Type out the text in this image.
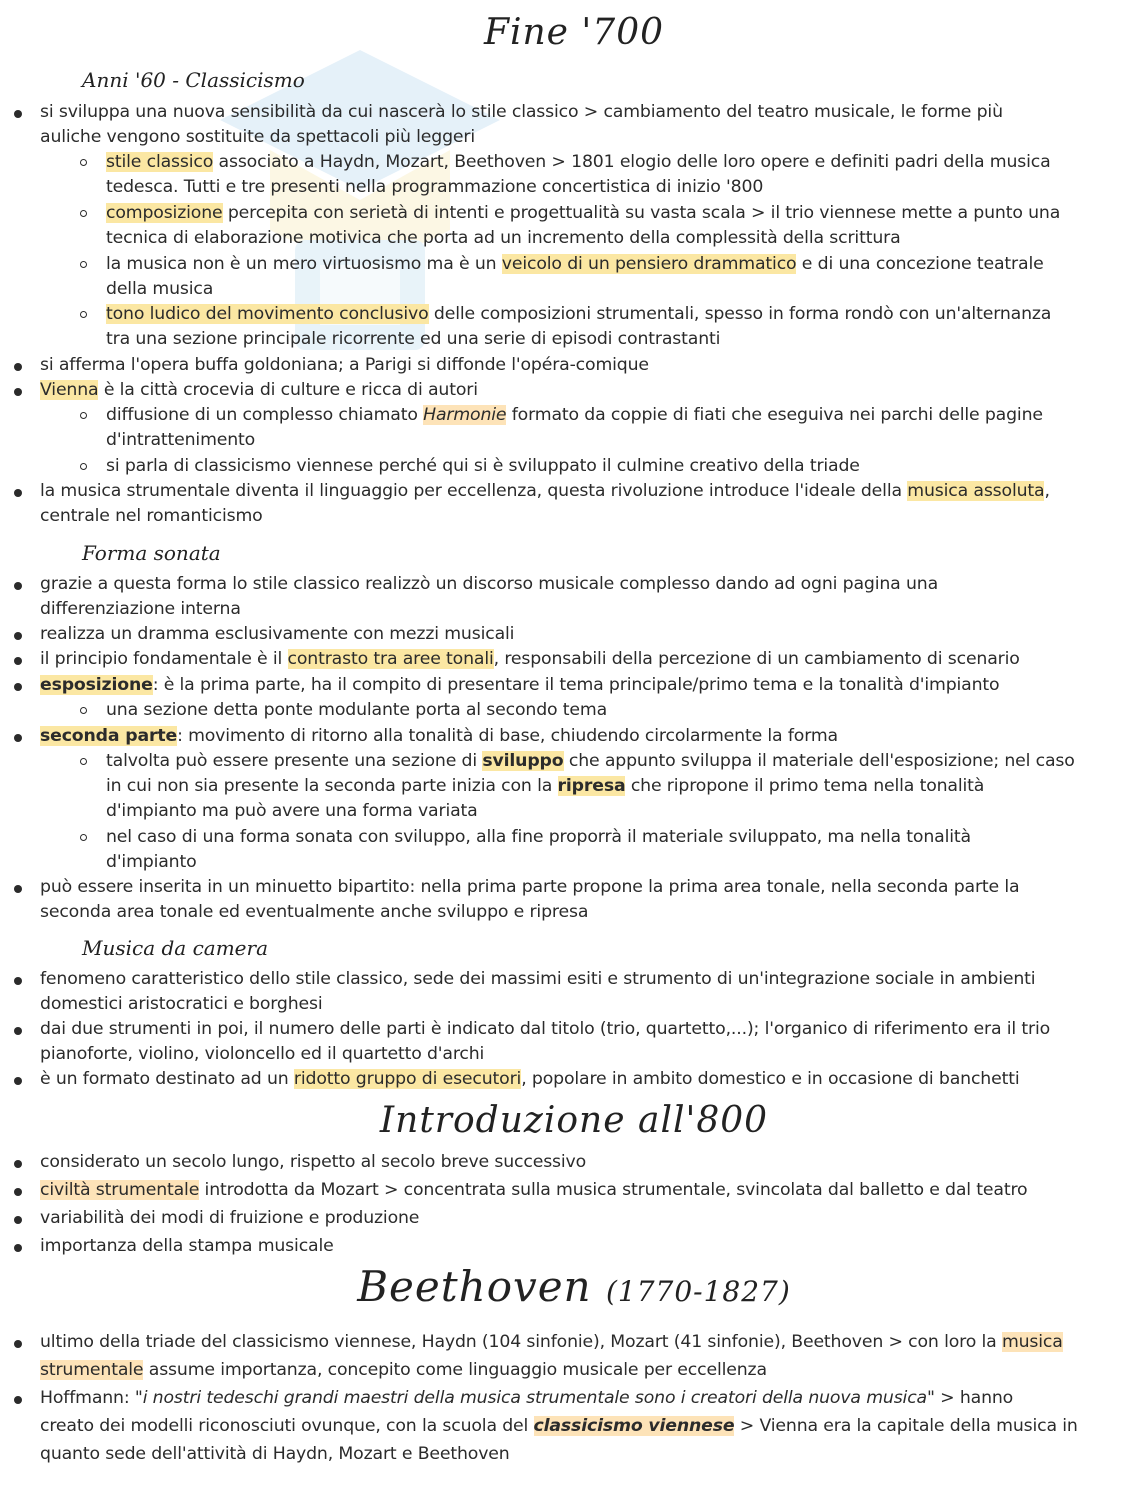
Fine '700
Anni '60 - Classicismo
si sviluppa una nuova sensibilità da cui nascerà lo stile classico > cambiamento del teatro musicale, le forme più
auliche vengono sostituite da spettacoli più leggeri
stile classico associato a Haydn, Mozart, Beethoven > 1801 elogio delle loro opere e definiti padri della musica
tedesca. Tutti e tre presenti nella programmazione concertistica di inizio '800
composizione percepita con serietà di intenti e progettualità su vasta scala > il trio viennese mette a punto una
tecnica di elaborazione motivica che porta ad un incremento della complessità della scrittura
la musica non è un mero virtuosismo ma è un veicolo di un pensiero drammatico e di una concezione teatrale
della musica
tono ludico del movimento conclusivo delle composizioni strumentali, spesso in forma rondò con un'alternanza
tra una sezione principale ricorrente ed una serie di episodi contrastanti
si afferma l'opera buffa goldoniana; a Parigi si diffonde l'opéra-comique
Vienna è la città crocevia di culture e ricca di autori
diffusione di un complesso chiamato Harmonie formato da coppie di fiati che eseguiva nei parchi delle pagine
d'intrattenimento
si parla di classicismo viennese perché qui si è sviluppato il culmine creativo della triade
la musica strumentale diventa il linguaggio per eccellenza, questa rivoluzione introduce l'ideale della musica assoluta,
centrale nel romanticismo
Forma sonata
grazie a questa forma lo stile classico realizzò un discorso musicale complesso dando ad ogni pagina una
differenziazione interna
realizza un dramma esclusivamente con mezzi musicali
il principio fondamentale è il contrasto tra aree tonali, responsabili della percezione di un cambiamento di scenario
esposizione: è la prima parte, ha il compito di presentare il tema principale/primo tema e la tonalità d'impianto
una sezione detta ponte modulante porta al secondo tema
seconda parte: movimento di ritorno alla tonalità di base, chiudendo circolarmente la forma
talvolta può essere presente una sezione di sviluppo che appunto sviluppa il materiale dell'esposizione; nel caso
in cui non sia presente la seconda parte inizia con la ripresa che ripropone il primo tema nella tonalità
d'impianto ma può avere una forma variata
nel caso di una forma sonata con sviluppo, alla fine proporrà il materiale sviluppato, ma nella tonalità
d'impianto
può essere inserita in un minuetto bipartito: nella prima parte propone la prima area tonale, nella seconda parte la
seconda area tonale ed eventualmente anche sviluppo e ripresa
Musica da camera
fenomeno caratteristico dello stile classico, sede dei massimi esiti e strumento di un'integrazione sociale in ambienti
domestici aristocratici e borghesi
dai due strumenti in poi, il numero delle parti è indicato dal titolo (trio, quartetto,...); l'organico di riferimento era il trio
pianoforte, violino, violoncello ed il quartetto d'archi
è un formato destinato ad un ridotto gruppo di esecutori, popolare in ambito domestico e in occasione di banchetti
Introduzione all'800
considerato un secolo lungo, rispetto al secolo breve successivo
civiltà strumentale introdotta da Mozart > concentrata sulla musica strumentale, svincolata dal balletto e dal teatro
variabilità dei modi di fruizione e produzione
importanza della stampa musicale
Beethoven (1770-1827)
ultimo della triade del classicismo viennese, Haydn (104 sinfonie), Mozart (41 sinfonie), Beethoven > con loro la musica
strumentale assume importanza, concepito come linguaggio musicale per eccellenza
Hoffmann: "i nostri tedeschi grandi maestri della musica strumentale sono i creatori della nuova musica" > hanno
creato dei modelli riconosciuti ovunque, con la scuola del classicismo viennese > Vienna era la capitale della musica in
quanto sede dell'attività di Haydn, Mozart e Beethoven
